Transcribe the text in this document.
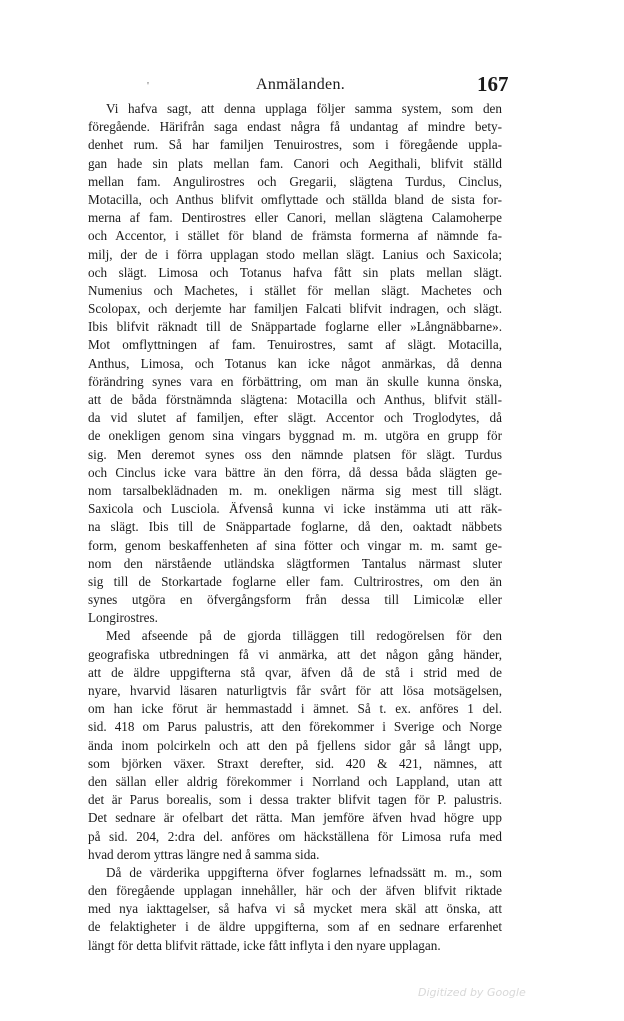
'	Anmälanden.	167
Vi hafva sagt, att denna upplaga följer samma system, som den
föregående. Härifrån saga endast några få undantag af mindre bety-
denhet rum. Så har familjen Tenuirostres, som i föregående uppla-
gan hade sin plats mellan fam. Canori och Aegithali, blifvit ställd
mellan fam. Angulirostres och Gregarii, slägtena Turdus, Cinclus,
Motacilla, och Anthus blifvit omflyttade och ställda bland de sista for-
merna af fam. Dentirostres eller Canori, mellan slägtena Calamoherpe
och Accentor, i stället för bland de främsta formerna af nämnde fa-
milj, der de i förra upplagan stodo mellan slägt. Lanius och Saxicola;
och slägt. Limosa och Totanus hafva fått sin plats mellan slägt.
Numenius och Machetes, i stället för mellan slägt. Machetes och
Scolopax, och derjemte har familjen Falcati blifvit indragen, och slägt.
Ibis blifvit räknadt till de Snäppartade foglarne eller »Långnäbbarne».
Mot omflyttningen af fam. Tenuirostres, samt af slägt. Motacilla,
Anthus, Limosa, och Totanus kan icke något anmärkas, då denna
förändring synes vara en förbättring, om man än skulle kunna önska,
att de båda förstnämnda slägtena: Motacilla och Anthus, blifvit ställ-
da vid slutet af familjen, efter slägt. Accentor och Troglodytes, då
de onekligen genom sina vingars byggnad m. m. utgöra en grupp för
sig. Men deremot synes oss den nämnde platsen för slägt. Turdus
och Cinclus icke vara bättre än den förra, då dessa båda slägten ge-
nom tarsalbeklädnaden m. m. onekligen närma sig mest till slägt.
Saxicola och Lusciola. Äfvenså kunna vi icke instämma uti att räk-
na slägt. Ibis till de Snäppartade foglarne, då den, oaktadt näbbets
form, genom beskaffenheten af sina fötter och vingar m. m. samt ge-
nom den närstående utländska slägtformen Tantalus närmast sluter
sig till de Storkartade foglarne eller fam. Cultrirostres, om den än
synes utgöra en öfvergångsform från dessa till Limicolæ eller
Longirostres.
Med afseende på de gjorda tilläggen till redogörelsen för den
geografiska utbredningen få vi anmärka, att det någon gång händer,
att de äldre uppgifterna stå qvar, äfven då de stå i strid med de
nyare, hvarvid läsaren naturligtvis får svårt för att lösa motsägelsen,
om han icke förut är hemmastadd i ämnet. Så t. ex. anföres 1 del.
sid. 418 om Parus palustris, att den förekommer i Sverige och Norge
ända inom polcirkeln och att den på fjellens sidor går så långt upp,
som björken växer. Straxt derefter, sid. 420 & 421, nämnes, att
den sällan eller aldrig förekommer i Norrland och Lappland, utan att
det är Parus borealis, som i dessa trakter blifvit tagen för P. palustris.
Det sednare är ofelbart det rätta. Man jemföre äfven hvad högre upp
på sid. 204, 2:dra del. anföres om häckställena för Limosa rufa med
hvad derom yttras längre ned å samma sida.
Då de värderika uppgifterna öfver foglarnes lefnadssätt m. m., som
den föregående upplagan innehåller, här och der äfven blifvit riktade
med nya iakttagelser, så hafva vi så mycket mera skäl att önska, att
de felaktigheter i de äldre uppgifterna, som af en sednare erfarenhet
längt för detta blifvit rättade, icke fått inflyta i den nyare upplagan.
Digitized by Google
